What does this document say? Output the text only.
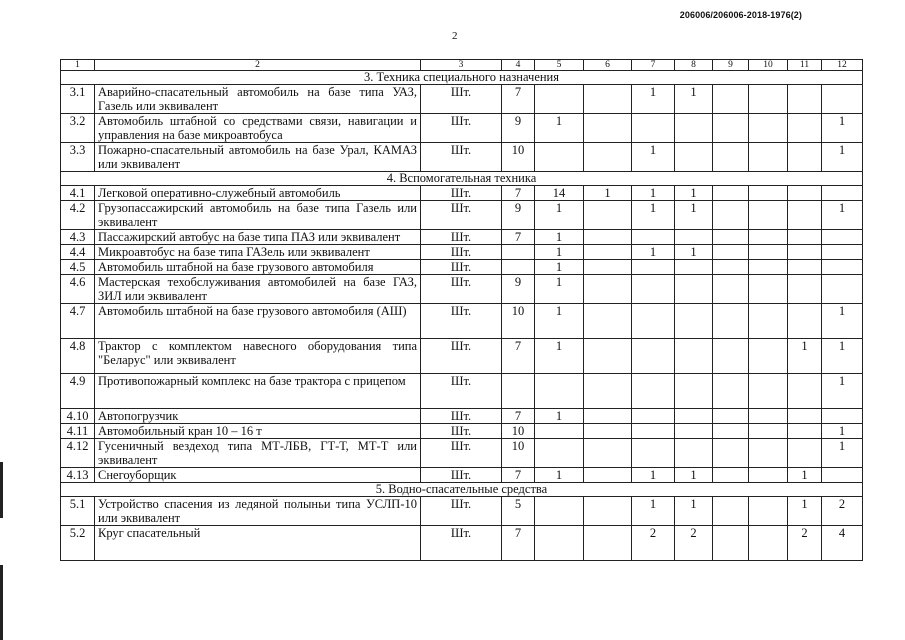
206006/206006-2018-1976(2)
2
1	2	3	4	5	6	7	8	9	10	11	12
3. Техника специального назначения											
3.1	Аварийно-спасательный автомобиль на базе типа УАЗ, Газель или эквивалент	Шт.	7			1	1				
3.2	Автомобиль штабной со средствами связи, навигации и управления на базе микроавтобуса	Шт.	9	1							1
3.3	Пожарно-спасательный автомобиль на базе Урал, КАМАЗ или эквивалент	Шт.	10			1					1
4. Вспомогательная техника											
4.1	Легковой оперативно-служебный автомобиль	Шт.	7	14	1	1	1				
4.2	Грузопассажирский автомобиль на базе типа Газель или эквивалент	Шт.	9	1		1	1				1
4.3	Пассажирский автобус на базе типа ПАЗ или эквивалент	Шт.	7	1							
4.4	Микроавтобус на базе типа ГАЗель или эквивалент	Шт.		1		1	1				
4.5	Автомобиль штабной на базе грузового автомобиля	Шт.		1							
4.6	Мастерская техобслуживания автомобилей на базе ГАЗ, ЗИЛ или эквивалент	Шт.	9	1							
4.7	Автомобиль штабной на базе грузового автомобиля (АШ)	Шт.	10	1							1
4.8	Трактор с комплектом навесного оборудования типа "Беларус" или эквивалент	Шт.	7	1						1	1
4.9	Противопожарный комплекс на базе трактора с прицепом	Шт.									1
4.10	Автопогрузчик	Шт.	7	1							
4.11	Автомобильный кран 10 – 16 т	Шт.	10								1
4.12	Гусеничный вездеход типа МТ-ЛБВ, ГТ-Т, МТ-Т или эквивалент	Шт.	10								1
4.13	Снегоуборщик	Шт.	7	1		1	1			1	
5. Водно-спасательные средства											
5.1	Устройство спасения из ледяной полыньи типа УСЛП-10 или эквивалент	Шт.	5			1	1			1	2
5.2	Круг спасательный	Шт.	7			2	2			2	4
